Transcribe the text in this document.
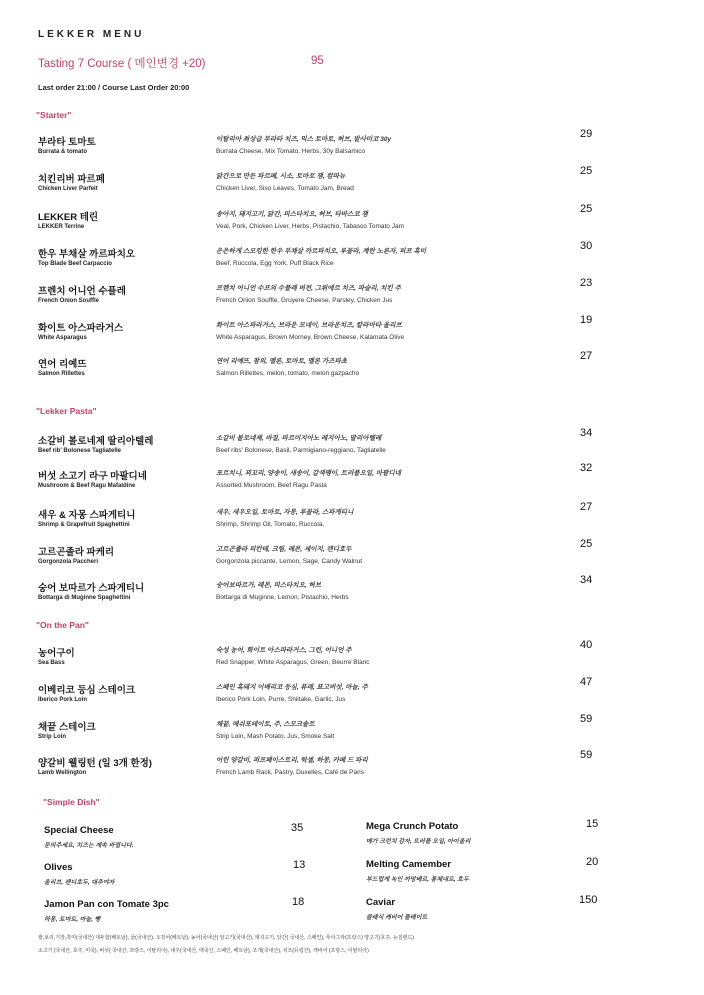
LEKKER MENU
Tasting 7 Course ( 메인변경 +20)	95
Last order 21:00 / Course Last Order 20:00
"Starter"
부라타 토마토
Burrata & tomato
이탈리아 최상급 부라타 치즈, 믹스 토마토, 허브, 발사미코 30y
Burrata Cheese, Mix Tomato, Herbs, 30y Balsamico
29
치킨리버 파르페
Chicken Liver Parfeit
닭간으로 만든 파르페, 시소, 토마토 잼, 캄파뉴
Chicken Liver, Siso Leaves, Tomato Jam, Bread
25
LEKKER 테린
LEKKER Terrine
송아지, 돼지고기, 닭간, 피스타치오, 허브, 타바스코 잼
Veal, Pork, Chicken Liver, Herbs, Pistachio, Tabasco Tomato Jam
25
한우 부채살 까르파치오
Top Blade Beef Carpaccio
은은하게 스모킹한 한우 부채살 까르파치오, 루꼴라, 계란 노른자, 퍼프 흑미
Beef, Ruccola, Egg York, Puff Black Rice
30
프렌치 어니언 수플레
French Onion Souffle
프렌치 어니언 수프의 수플레 버전, 그뤼에르 치즈, 파슬리, 치킨 주
French Onion Souffle, Gruyere Cheese, Parsley, Chicken Jus
23
화이트 아스파라거스
White Asparagus
화이트 아스파라거스, 브라운 모네이, 브라운치즈, 칼라마타 올리브
White Asparagus, Brown Morney, Brown Cheese, Kalamata Olive
19
연어 리예뜨
Salmon Rillettes
연어 리예뜨, 참외, 멜론, 토마토, 멜론 가즈파초
Salmon Rillettes, melon, tomato, melon gazpacho
27
"Lekker Pasta"
소갈비 볼로네제 딸리아텔레
Beef rib' Bolonese Tagliatelle
소갈비 볼로네제, 바질, 파르미지아노 레지아노, 딸리아텔레
Beef ribs' Bolonese, Basil, Parmigiano-reggiano, Tagliatelle
34
버섯 소고기 라구 마팔디네
Mushroom & Beef Ragu Mafaldine
포르치니, 꾀꼬리, 양송이, 새송이, 갈색팽이, 트러플오일, 마팔디네
Assorted Mushroom, Beef Ragu Pasta
32
새우 & 자몽 스파게티니
Shrimp & Grapefruit Spaghettini
새우, 새우오일, 토마토, 자몽, 루꼴라, 스파게티니
Shrimp, Shrimp Oil, Tomato, Ruccola,
27
고르곤졸라 파케리
Gorgonzola Paccheri
고르곤졸라 피칸테, 크림, 레몬, 세이지, 캔디호두
Gorgonzola piccante, Lemon, Sage, Candy Walnut
25
숭어 보따르가 스파게티니
Bottarga di Muginne Spaghettini
숭어보따르가, 레몬, 피스타치오, 허브
Bottarga di Muginne, Lemon, Pistachio, Herbs
34
"On the Pan"
농어구이
Sea Bass
숙성 농어, 화이트 아스파라거스, 그린, 어니언 주
Red Snapper, White Asparagus, Green, Beurre Blanc
40
이베리코 등심 스테이크
Iberico Pork Loin
스페인 흑돼지 이베리코 등심, 퓨레, 표고버섯, 마늘, 주
Iberico Pork Loin, Purre, Shiitake, Garlic, Jus
47
채끝 스테이크
Strip Loin
채끝, 매쉬포테이토, 주, 스모크솔트
Strip Loin, Mash Potato, Jus, Smoke Salt
59
양갈비 웰링턴 (일 3개 한정)
Lamb Wellington
어린 양갈비, 퍼프페이스트리, 뒥셀, 하몽, 카페 드 파리
French Lamb Rack, Pastry, Duxelles, Café de Paris
59
"Simple Dish"
Special Cheese
문의주세요, 치즈는 계속 바뀝니다.
35
Olives
올리브, 캔디호두, 대추야자
13
Jamon Pan con Tomate 3pc
하몽, 토마토, 마늘, 빵
18
Mega Crunch Potato
메가 크런치 감자, 트러플 오일, 아이올리
15
Melting Camember
부드럽게 녹인 까망베르, 통체내르, 호두
20
Caviar
클래식 캐비어 플레이트
150
쌀,보리,기장,흑미(국내산) 대두함(베트남), 굴(국내산), 오징어(베트남), 농어(국내산) 암고기(국내산), 돼지고기, 닭간( 국내산, 스페인), 푸아그라(프랑스) 양고기(호주, 뉴질랜드)
소고기 (국내산, 호주, 미국), 버섯( 국내산, 프랑스, 이탈리아), 새우(국내산, 태국산, 스페인, 베트남), 조개(국내산), 치즈(유럽산), 캐비어 (프랑스, 이탈리아)
